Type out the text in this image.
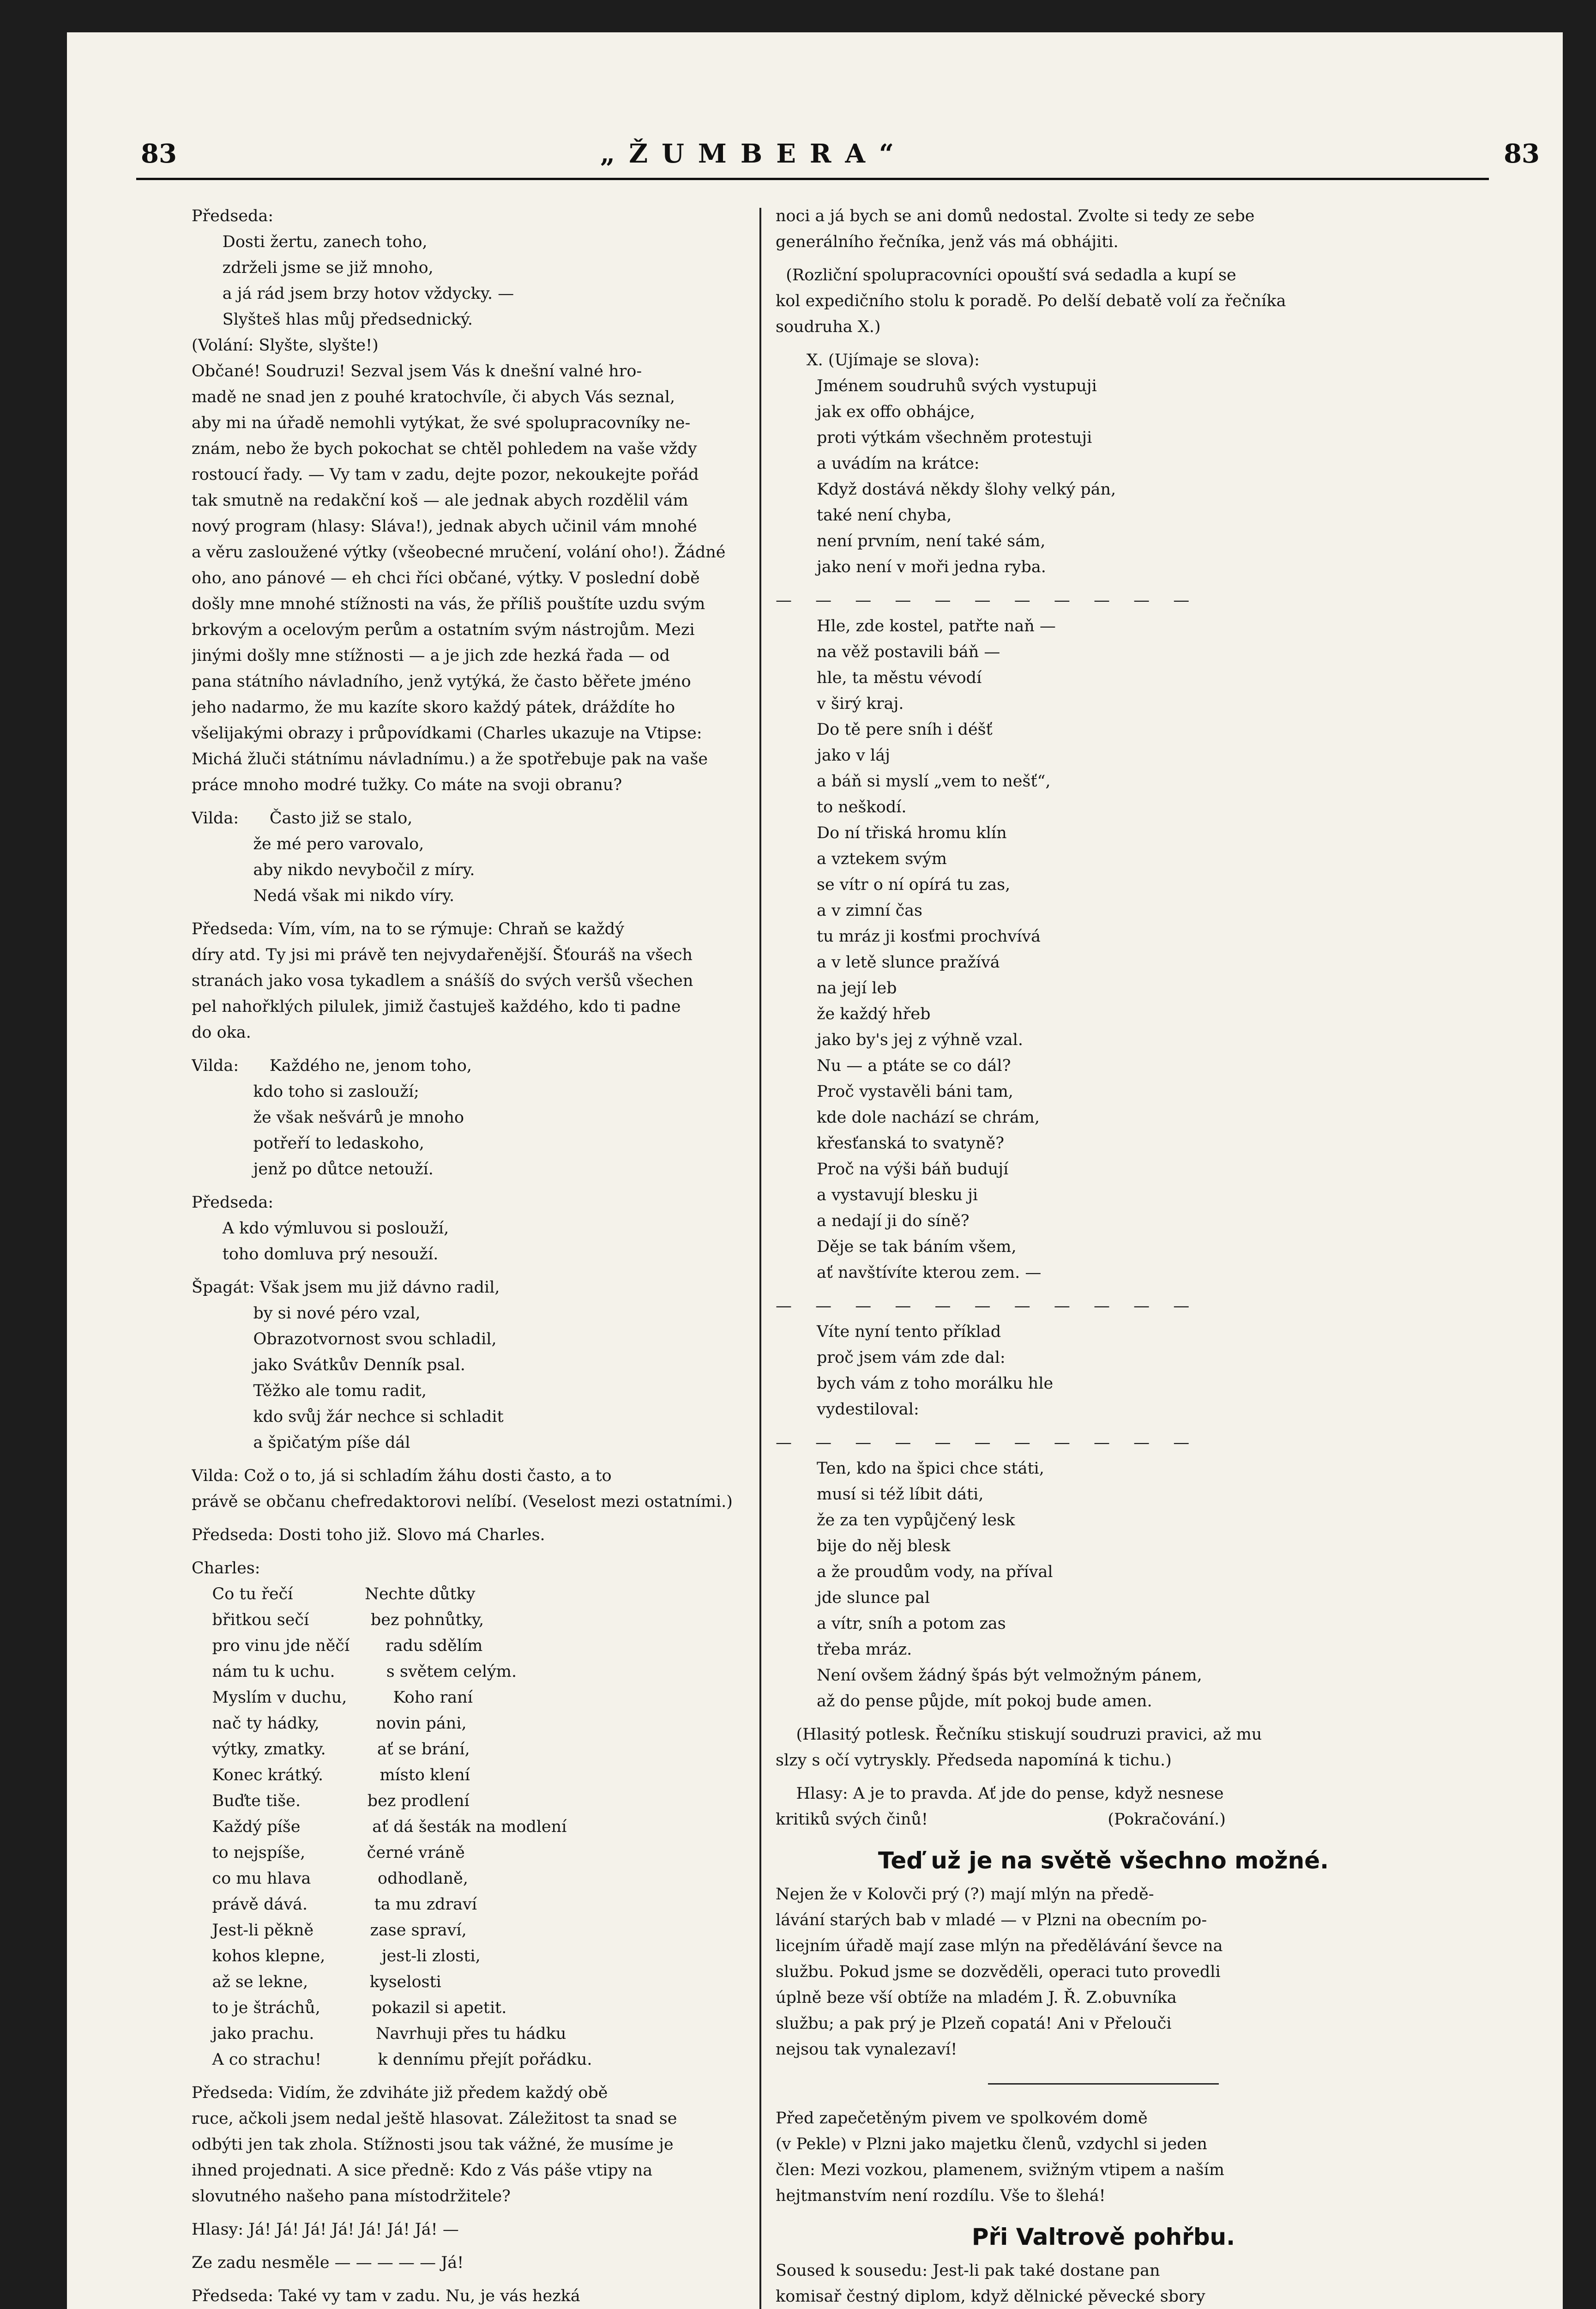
83	„ŽUMBERA“	83
Předseda:
Dosti žertu, zanech toho,
zdrželi jsme se již mnoho,
a já rád jsem brzy hotov vždycky. —
Slyšteš hlas můj předsednický.
(Volání: Slyšte, slyšte!)
Občané! Soudruzi! Sezval jsem Vás k dnešní valné hro-
madě ne snad jen z pouhé kratochvíle, či abych Vás seznal,
aby mi na úřadě nemohli vytýkat, že své spolupracovníky ne-
znám, nebo že bych pokochat se chtěl pohledem na vaše vždy
rostoucí řady. — Vy tam v zadu, dejte pozor, nekoukejte pořád
tak smutně na redakční koš — ale jednak abych rozdělil vám
nový program (hlasy: Sláva!), jednak abych učinil vám mnohé
a věru zasloužené výtky (všeobecné mručení, volání oho!). Žádné
oho, ano pánové — eh chci říci občané, výtky. V poslední době
došly mne mnohé stížnosti na vás, že příliš pouštíte uzdu svým
brkovým a ocelovým perům a ostatním svým nástrojům. Mezi
jinými došly mne stížnosti — a je jich zde hezká řada — od
pana státního návladního, jenž vytýká, že často běřete jméno
jeho nadarmo, že mu kazíte skoro každý pátek, dráždíte ho
všelijakými obrazy i průpovídkami (Charles ukazuje na Vtipse:
Michá žluči státnímu návladnímu.) a že spotřebuje pak na vaše
práce mnoho modré tužky. Co máte na svoji obranu?
Vilda:      Často již se stalo,
že mé pero varovalo,
aby nikdo nevybočil z míry.
Nedá však mi nikdo víry.
Předseda: Vím, vím, na to se rýmuje: Chraň se každý
díry atd. Ty jsi mi právě ten nejvydařenější. Šťouráš na všech
stranách jako vosa tykadlem a snášíš do svých veršů všechen
pel nahořklých pilulek, jimiž častuješ každého, kdo ti padne
do oka.
Vilda:      Každého ne, jenom toho,
kdo toho si zaslouží;
že však nešvárů je mnoho
potřeří to ledaskoho,
jenž po důtce netouží.
Předseda:
A kdo výmluvou si poslouží,
toho domluva prý nesouží.
Špagát: Však jsem mu již dávno radil,
by si nové péro vzal,
Obrazotvornost svou schladil,
jako Svátkův Denník psal.
Těžko ale tomu radit,
kdo svůj žár nechce si schladit
a špičatým píše dál
Vilda: Což o to, já si schladím žáhu dosti často, a to
právě se občanu chefredaktorovi nelíbí. (Veselost mezi ostatními.)
Předseda: Dosti toho již. Slovo má Charles.
Charles:
Co tu řečí              Nechte důtky
břitkou sečí            bez pohnůtky,
pro vinu jde něčí       radu sdělím
nám tu k uchu.          s světem celým.
Myslím v duchu,         Koho raní
nač ty hádky,           novin páni,
výtky, zmatky.          ať se brání,
Konec krátký.           místo klení
Buďte tiše.             bez prodlení
Každý píše              ať dá šesták na modlení
to nejspíše,            černé vráně
co mu hlava             odhodlaně,
právě dává.             ta mu zdraví
Jest-li pěkně           zase spraví,
kohos klepne,           jest-li zlosti,
až se lekne,            kyselosti
to je štráchů,          pokazil si apetit.
jako prachu.            Navrhuji přes tu hádku
A co strachu!           k dennímu přejít pořádku.
Předseda: Vidím, že zdviháte již předem každý obě
ruce, ačkoli jsem nedal ještě hlasovat. Záležitost ta snad se
odbýti jen tak zhola. Stížnosti jsou tak vážné, že musíme je
ihned projednati. A sice předně: Kdo z Vás páše vtipy na
slovutného našeho pana místodržitele?
Hlasy: Já! Já! Já! Já! Já! Já! Já! —
Ze zadu nesměle — — — — — Já!
Předseda: Také vy tam v zadu. Nu, je vás hezká
noci a já bych se ani domů nedostal. Zvolte si tedy ze sebe
generálního řečníka, jenž vás má obhájiti.
(Rozliční spolupracovníci opouští svá sedadla a kupí se
kol expedičního stolu k poradě. Po delší debatě volí za řečníka
soudruha X.)
X. (Ujímaje se slova):
Jménem soudruhů svých vystupuji
jak ex offo obhájce,
proti výtkám všechněm protestuji
a uvádím na krátce:
Když dostává někdy šlohy velký pán,
také není chyba,
není prvním, není také sám,
jako není v moři jedna ryba.
— — — — — — — — — — —
Hle, zde kostel, patřte naň —
na věž postavili báň —
hle, ta městu vévodí
v širý kraj.
Do tě pere sníh i déšť
jako v láj
a báň si myslí „vem to nešť“,
to neškodí.
Do ní třiská hromu klín
a vztekem svým
se vítr o ní opírá tu zas,
a v zimní čas
tu mráz ji kosťmi prochvívá
a v letě slunce pražívá
na její leb
že každý hřeb
jako by's jej z výhně vzal.
Nu — a ptáte se co dál?
Proč vystavěli báni tam,
kde dole nachází se chrám,
křesťanská to svatyně?
Proč na výši báň budují
a vystavují blesku ji
a nedají ji do síně?
Děje se tak báním všem,
ať navštívíte kterou zem. —
— — — — — — — — — — —
Víte nyní tento příklad
proč jsem vám zde dal:
bych vám z toho morálku hle
vydestiloval:
— — — — — — — — — — —
Ten, kdo na špici chce státi,
musí si též líbit dáti,
že za ten vypůjčený lesk
bije do něj blesk
a že proudům vody, na příval
jde slunce pal
a vítr, sníh a potom zas
třeba mráz.
Není ovšem žádný špás být velmožným pánem,
až do pense půjde, mít pokoj bude amen.
(Hlasitý potlesk. Řečníku stiskují soudruzi pravici, až mu
slzy s očí vytryskly. Předseda napomíná k tichu.)
Hlasy: A je to pravda. Ať jde do pense, když nesnese
kritiků svých činů!                                   (Pokračování.)
Teď už je na světě všechno možné.
Nejen že v Kolovči prý (?) mají mlýn na předě-
lávání starých bab v mladé — v Plzni na obecním po-
licejním úřadě mají zase mlýn na předělávání ševce na
službu. Pokud jsme se dozvěděli, operaci tuto provedli
úplně beze vší obtíže na mladém J. Ř. Z.obuvníka
službu; a pak prý je Plzeň copatá! Ani v Přelouči
nejsou tak vynalezaví!
Před zapečetěným pivem ve spolkovém domě
(v Pekle) v Plzni jako majetku členů, vzdychl si jeden
člen: Mezi vozkou, plamenem, svižným vtipem a naším
hejtmanstvím není rozdílu. Vše to šlehá!
Při Valtrově pohřbu.
Soused k sousedu: Jest-li pak také dostane pan
komisař čestný diplom, když dělnické pěvecké sbory
